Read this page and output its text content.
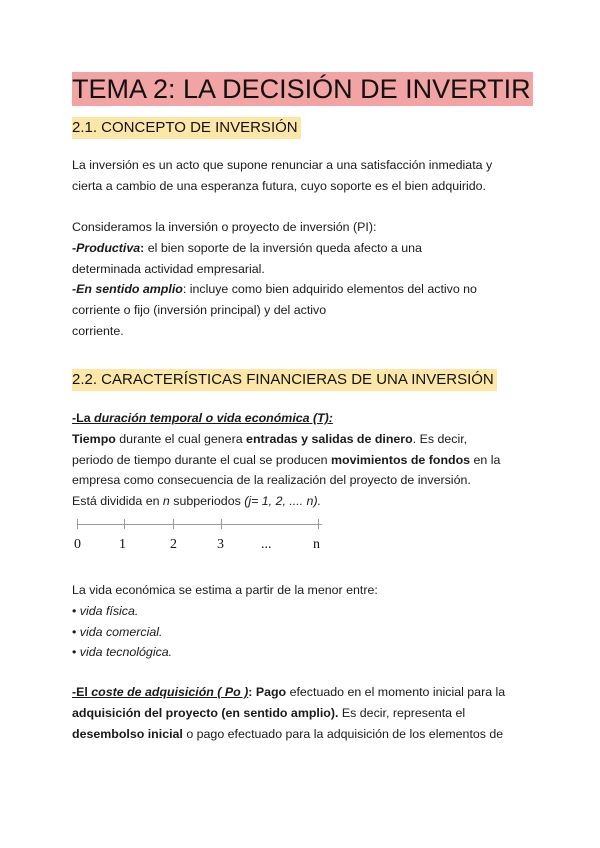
TEMA 2: LA DECISIÓN DE INVERTIR
2.1. CONCEPTO DE INVERSIÓN
La inversión es un acto que supone renunciar a una satisfacción inmediata y
cierta a cambio de una esperanza futura, cuyo soporte es el bien adquirido.
Consideramos la inversión o proyecto de inversión (PI):
-Productiva: el bien soporte de la inversión queda afecto a una
determinada actividad empresarial.
-En sentido amplio: incluye como bien adquirido elementos del activo no
corriente o fijo (inversión principal) y del activo
corriente.
2.2. CARACTERÍSTICAS FINANCIERAS DE UNA INVERSIÓN
-La duración temporal o vida económica (T):
Tiempo durante el cual genera entradas y salidas de dinero. Es decir,
periodo de tiempo durante el cual se producen movimientos de fondos en la
empresa como consecuencia de la realización del proyecto de inversión.
Está dividida en n subperiodos (j= 1, 2, .... n).
0	1	2	3	...	n
La vida económica se estima a partir de la menor entre:
• vida física.
• vida comercial.
• vida tecnológica.
-El coste de adquisición ( Po ): Pago efectuado en el momento inicial para la
adquisición del proyecto (en sentido amplio). Es decir, representa el
desembolso inicial o pago efectuado para la adquisición de los elementos de
